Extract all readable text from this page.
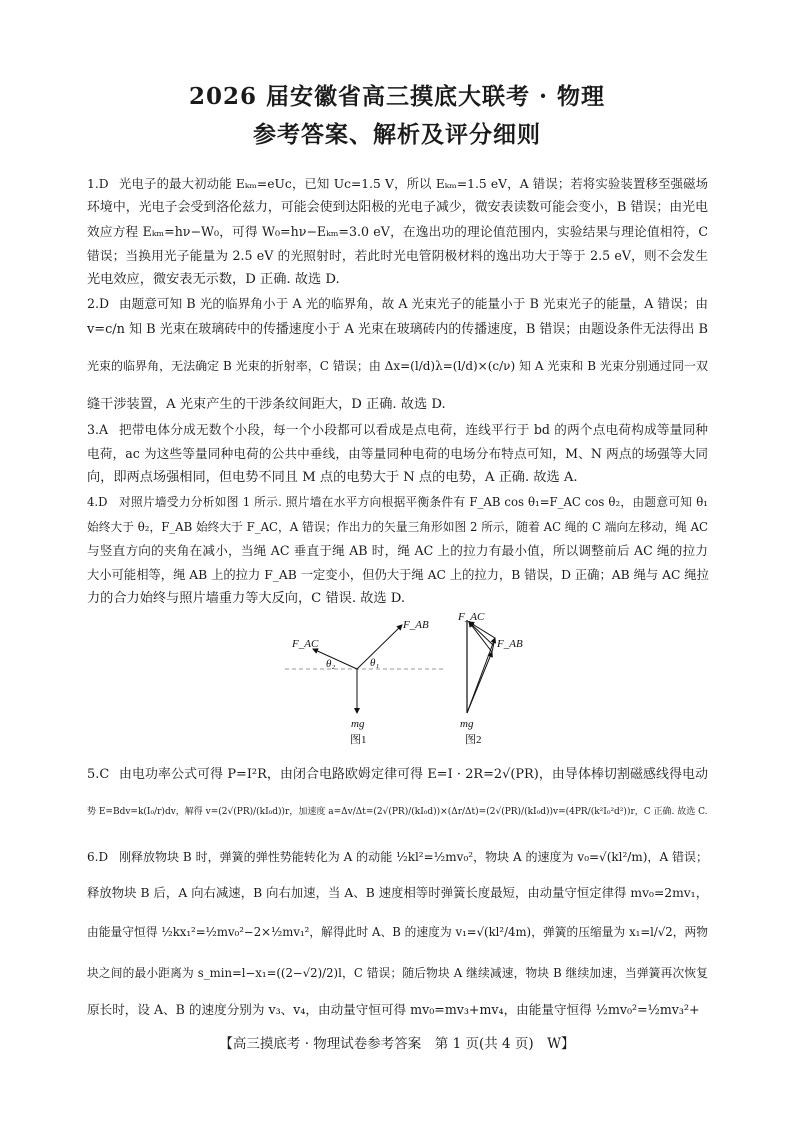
2026 届安徽省高三摸底大联考 · 物理
参考答案、解析及评分细则
1.D 光电子的最大初动能 Eₖₘ=eUc，已知 Uc=1.5 V，所以 Eₖₘ=1.5 eV，A 错误；若将实验装置移至强磁场
环境中，光电子会受到洛伦兹力，可能会使到达阳极的光电子减少，微安表读数可能会变小，B 错误；由光电
效应方程 Eₖₘ=hν−W₀，可得 W₀=hν−Eₖₘ=3.0 eV，在逸出功的理论值范围内，实验结果与理论值相符，C
错误；当换用光子能量为 2.5 eV 的光照射时，若此时光电管阴极材料的逸出功大于等于 2.5 eV，则不会发生
光电效应，微安表无示数，D 正确. 故选 D.
2.D 由题意可知 B 光的临界角小于 A 光的临界角，故 A 光束光子的能量小于 B 光束光子的能量，A 错误；由
v=c/n 知 B 光束在玻璃砖中的传播速度小于 A 光束在玻璃砖内的传播速度，B 错误；由题设条件无法得出 B
光束的临界角，无法确定 B 光束的折射率，C 错误；由 Δx=(l/d)λ=(l/d)×(c/ν) 知 A 光束和 B 光束分别通过同一双
缝干涉装置，A 光束产生的干涉条纹间距大，D 正确. 故选 D.
3.A 把带电体分成无数个小段，每一个小段都可以看成是点电荷，连线平行于 bd 的两个点电荷构成等量同种
电荷，ac 为这些等量同种电荷的公共中垂线，由等量同种电荷的电场分布特点可知，M、N 两点的场强等大同
向，即两点场强相同，但电势不同且 M 点的电势大于 N 点的电势，A 正确. 故选 A.
4.D 对照片墙受力分析如图 1 所示. 照片墙在水平方向根据平衡条件有 F_AB cos θ₁=F_AC cos θ₂，由题意可知 θ₁
始终大于 θ₂，F_AB 始终大于 F_AC，A 错误；作出力的矢量三角形如图 2 所示，随着 AC 绳的 C 端向左移动，绳 AC
与竖直方向的夹角在减小，当绳 AC 垂直于绳 AB 时，绳 AC 上的拉力有最小值，所以调整前后 AC 绳的拉力
大小可能相等，绳 AB 上的拉力 F_AB 一定变小，但仍大于绳 AC 上的拉力，B 错误，D 正确；AB 绳与 AC 绳拉
力的合力始终与照片墙重力等大反向，C 错误. 故选 D.
5.C 由电功率公式可得 P=I²R，由闭合电路欧姆定律可得 E=I · 2R=2√(PR)，由导体棒切割磁感线得电动
势 E=Bdv=k(I₀/r)dv，解得 v=(2√(PR)/(kI₀d))r，加速度 a=Δv/Δt=(2√(PR)/(kI₀d))×(Δr/Δt)=(2√(PR)/(kI₀d))v=(4PR/(k²I₀²d²))r，C 正确. 故选 C.
6.D 刚释放物块 B 时，弹簧的弹性势能转化为 A 的动能 ½kl²=½mv₀²，物块 A 的速度为 v₀=√(kl²/m)，A 错误；
释放物块 B 后，A 向右减速，B 向右加速，当 A、B 速度相等时弹簧长度最短，由动量守恒定律得 mv₀=2mv₁，
由能量守恒得 ½kx₁²=½mv₀²−2×½mv₁²，解得此时 A、B 的速度为 v₁=√(kl²/4m)，弹簧的压缩量为 x₁=l/√2，两物
块之间的最小距离为 s_min=l−x₁=((2−√2)/2)l，C 错误；随后物块 A 继续减速，物块 B 继续加速，当弹簧再次恢复
原长时，设 A、B 的速度分别为 v₃、v₄，由动量守恒可得 mv₀=mv₃+mv₄，由能量守恒得 ½mv₀²=½mv₃²+
F_AB
F_AC
θ₁
θ₂
mg
图1
F_AC
F_AB
mg
图2
【高三摸底考 · 物理试卷参考答案　第 1 页(共 4 页)　W】
